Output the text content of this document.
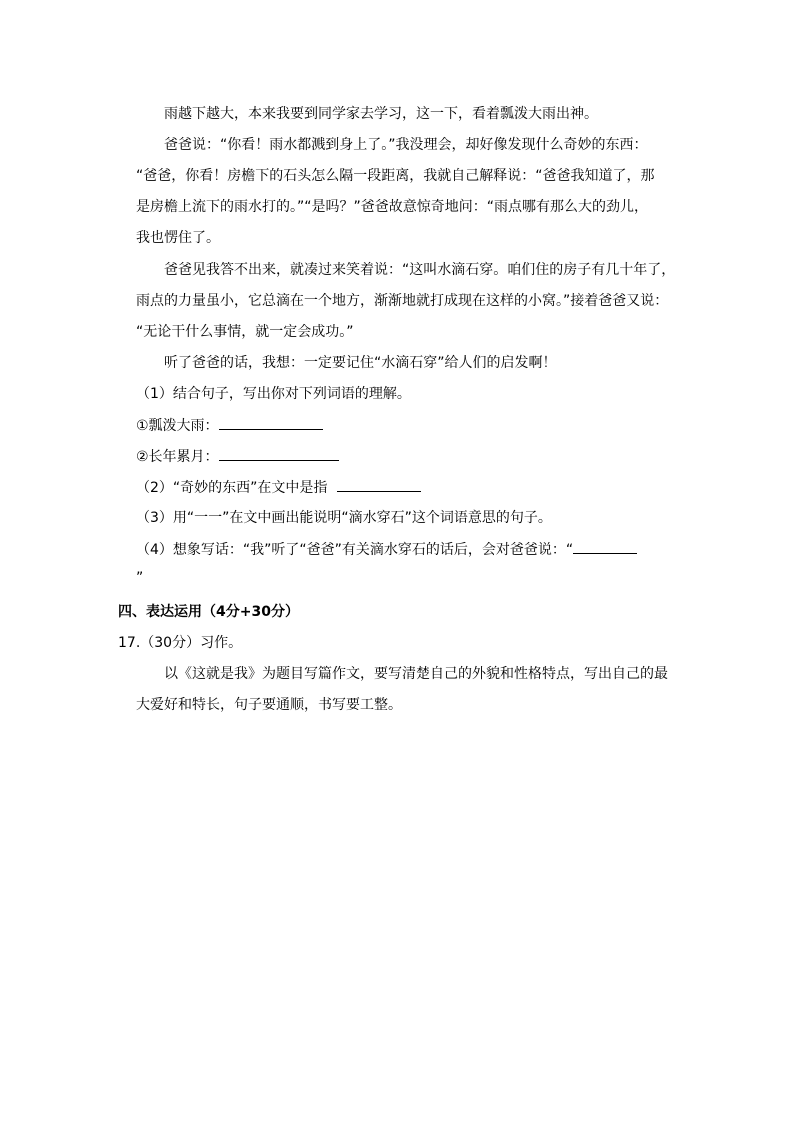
雨越下越大，本来我要到同学家去学习，这一下，看着瓢泼大雨出神。
爸爸说：“你看！雨水都溅到身上了。”我没理会，却好像发现什么奇妙的东西：
“爸爸，你看！房檐下的石头怎么隔一段距离，我就自己解释说：“爸爸我知道了，那
是房檐上流下的雨水打的。”“是吗？”爸爸故意惊奇地问：“雨点哪有那么大的劲儿，
我也愣住了。
爸爸见我答不出来，就凑过来笑着说：“这叫水滴石穿。咱们住的房子有几十年了，
雨点的力量虽小，它总滴在一个地方，渐渐地就打成现在这样的小窝。”接着爸爸又说：
“无论干什么事情，就一定会成功。”
听了爸爸的话，我想：一定要记住“水滴石穿”给人们的启发啊！
（1）结合句子，写出你对下列词语的理解。
①瓢泼大雨：
②长年累月：
（2）“奇妙的东西”在文中是指
（3）用“一一”在文中画出能说明“滴水穿石”这个词语意思的句子。
（4）想象写话：“我”听了“爸爸”有关滴水穿石的话后，会对爸爸说：“
”
四、表达运用（4分+30分）
17.（30分）习作。
以《这就是我》为题目写篇作文，要写清楚自己的外貌和性格特点，写出自己的最
大爱好和特长，句子要通顺，书写要工整。
